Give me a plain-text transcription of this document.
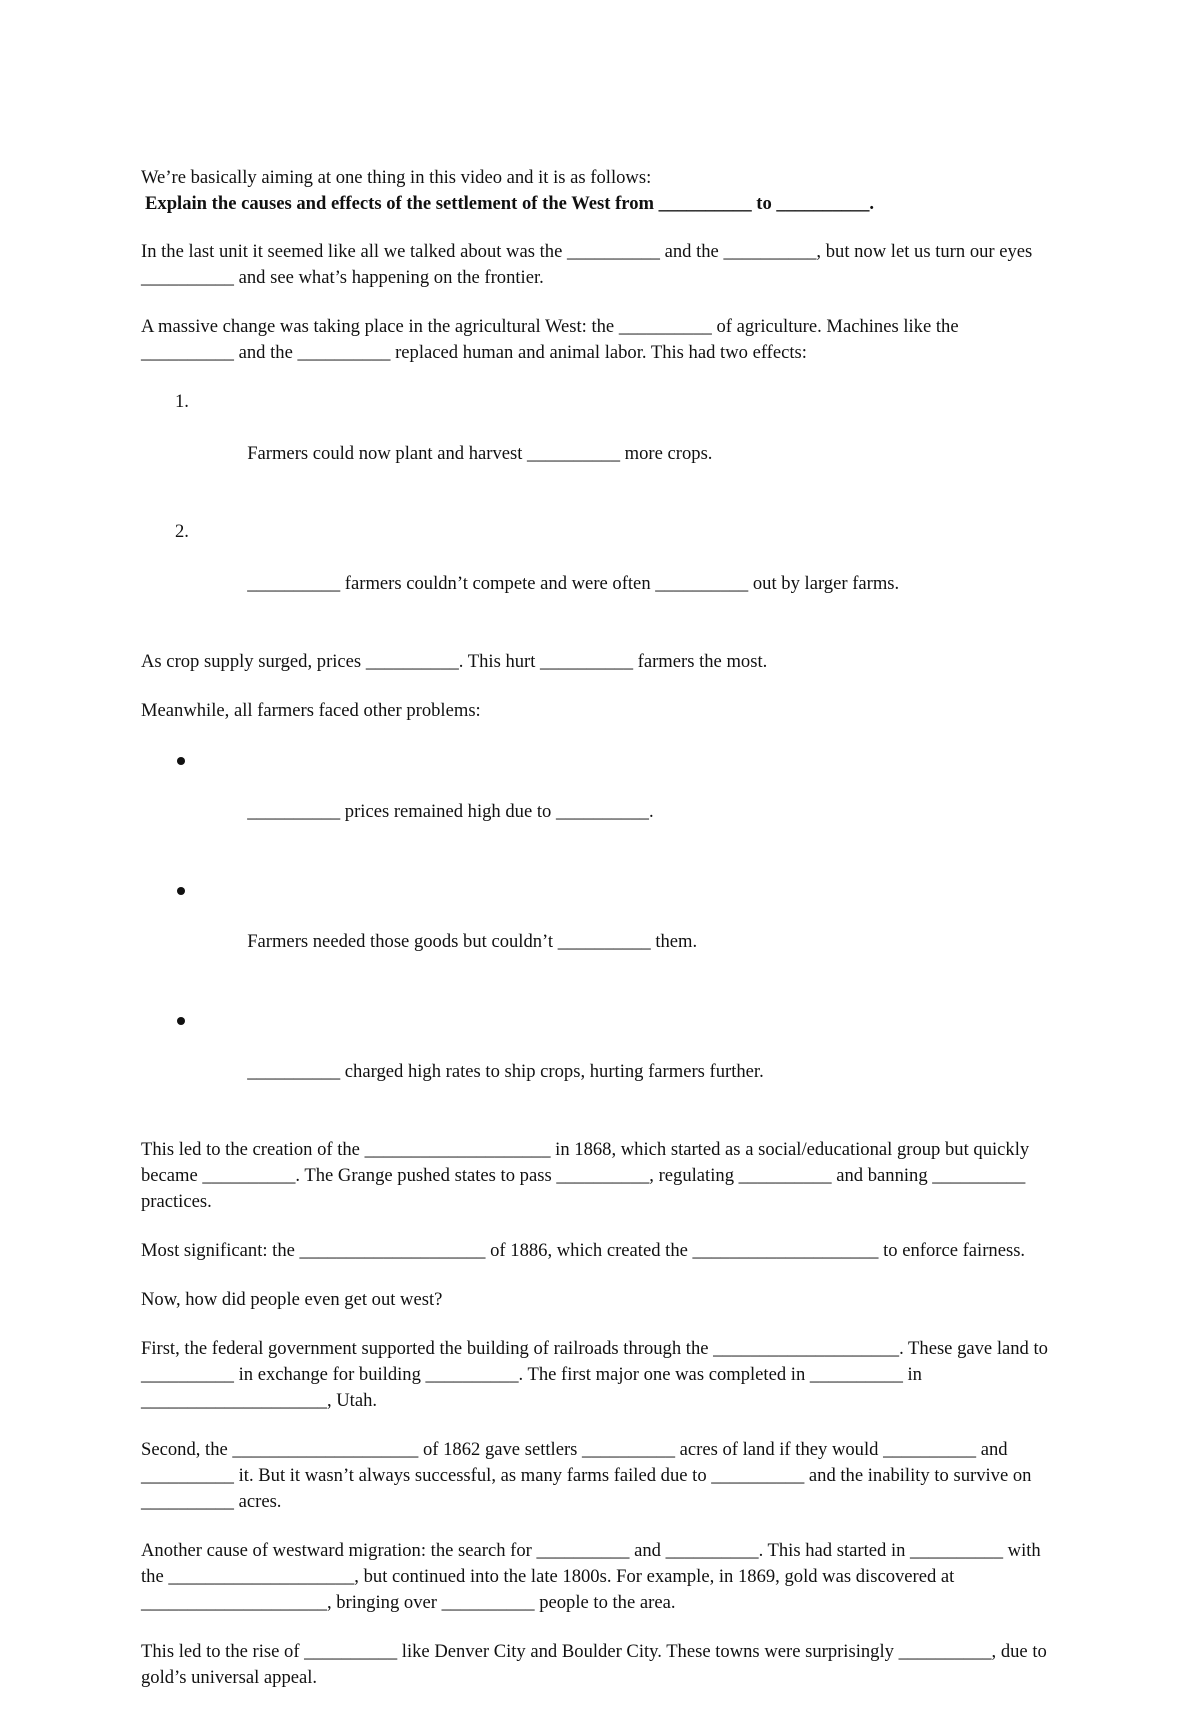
We’re basically aiming at one thing in this video and it is as follows:

Explain the causes and effects of the settlement of the West from __________ to __________.

In the last unit it seemed like all we talked about was the __________ and the __________, but now let us turn our eyes __________ and see what’s happening on the frontier.

A massive change was taking place in the agricultural West: the __________ of agriculture. Machines like the __________ and the __________ replaced human and animal labor. This had two effects:

1.

Farmers could now plant and harvest __________ more crops.

2.

__________ farmers couldn’t compete and were often __________ out by larger farms.

As crop supply surged, prices __________. This hurt __________ farmers the most.

Meanwhile, all farmers faced other problems:

__________ prices remained high due to __________.

Farmers needed those goods but couldn’t __________ them.

__________ charged high rates to ship crops, hurting farmers further.

This led to the creation of the ____________________ in 1868, which started as a social/educational group but quickly became __________. The Grange pushed states to pass __________, regulating __________ and banning __________ practices.

Most significant: the ____________________ of 1886, which created the ____________________ to enforce fairness.

Now, how did people even get out west?

First, the federal government supported the building of railroads through the ____________________. These gave land to __________ in exchange for building __________. The first major one was completed in __________ in ____________________, Utah.

Second, the ____________________ of 1862 gave settlers __________ acres of land if they would __________ and __________ it. But it wasn’t always successful, as many farms failed due to __________ and the inability to survive on __________ acres.

Another cause of westward migration: the search for __________ and __________. This had started in __________ with the ____________________, but continued into the late 1800s. For example, in 1869, gold was discovered at ____________________, bringing over __________ people to the area.

This led to the rise of __________ like Denver City and Boulder City. These towns were surprisingly __________, due to gold’s universal appeal.
